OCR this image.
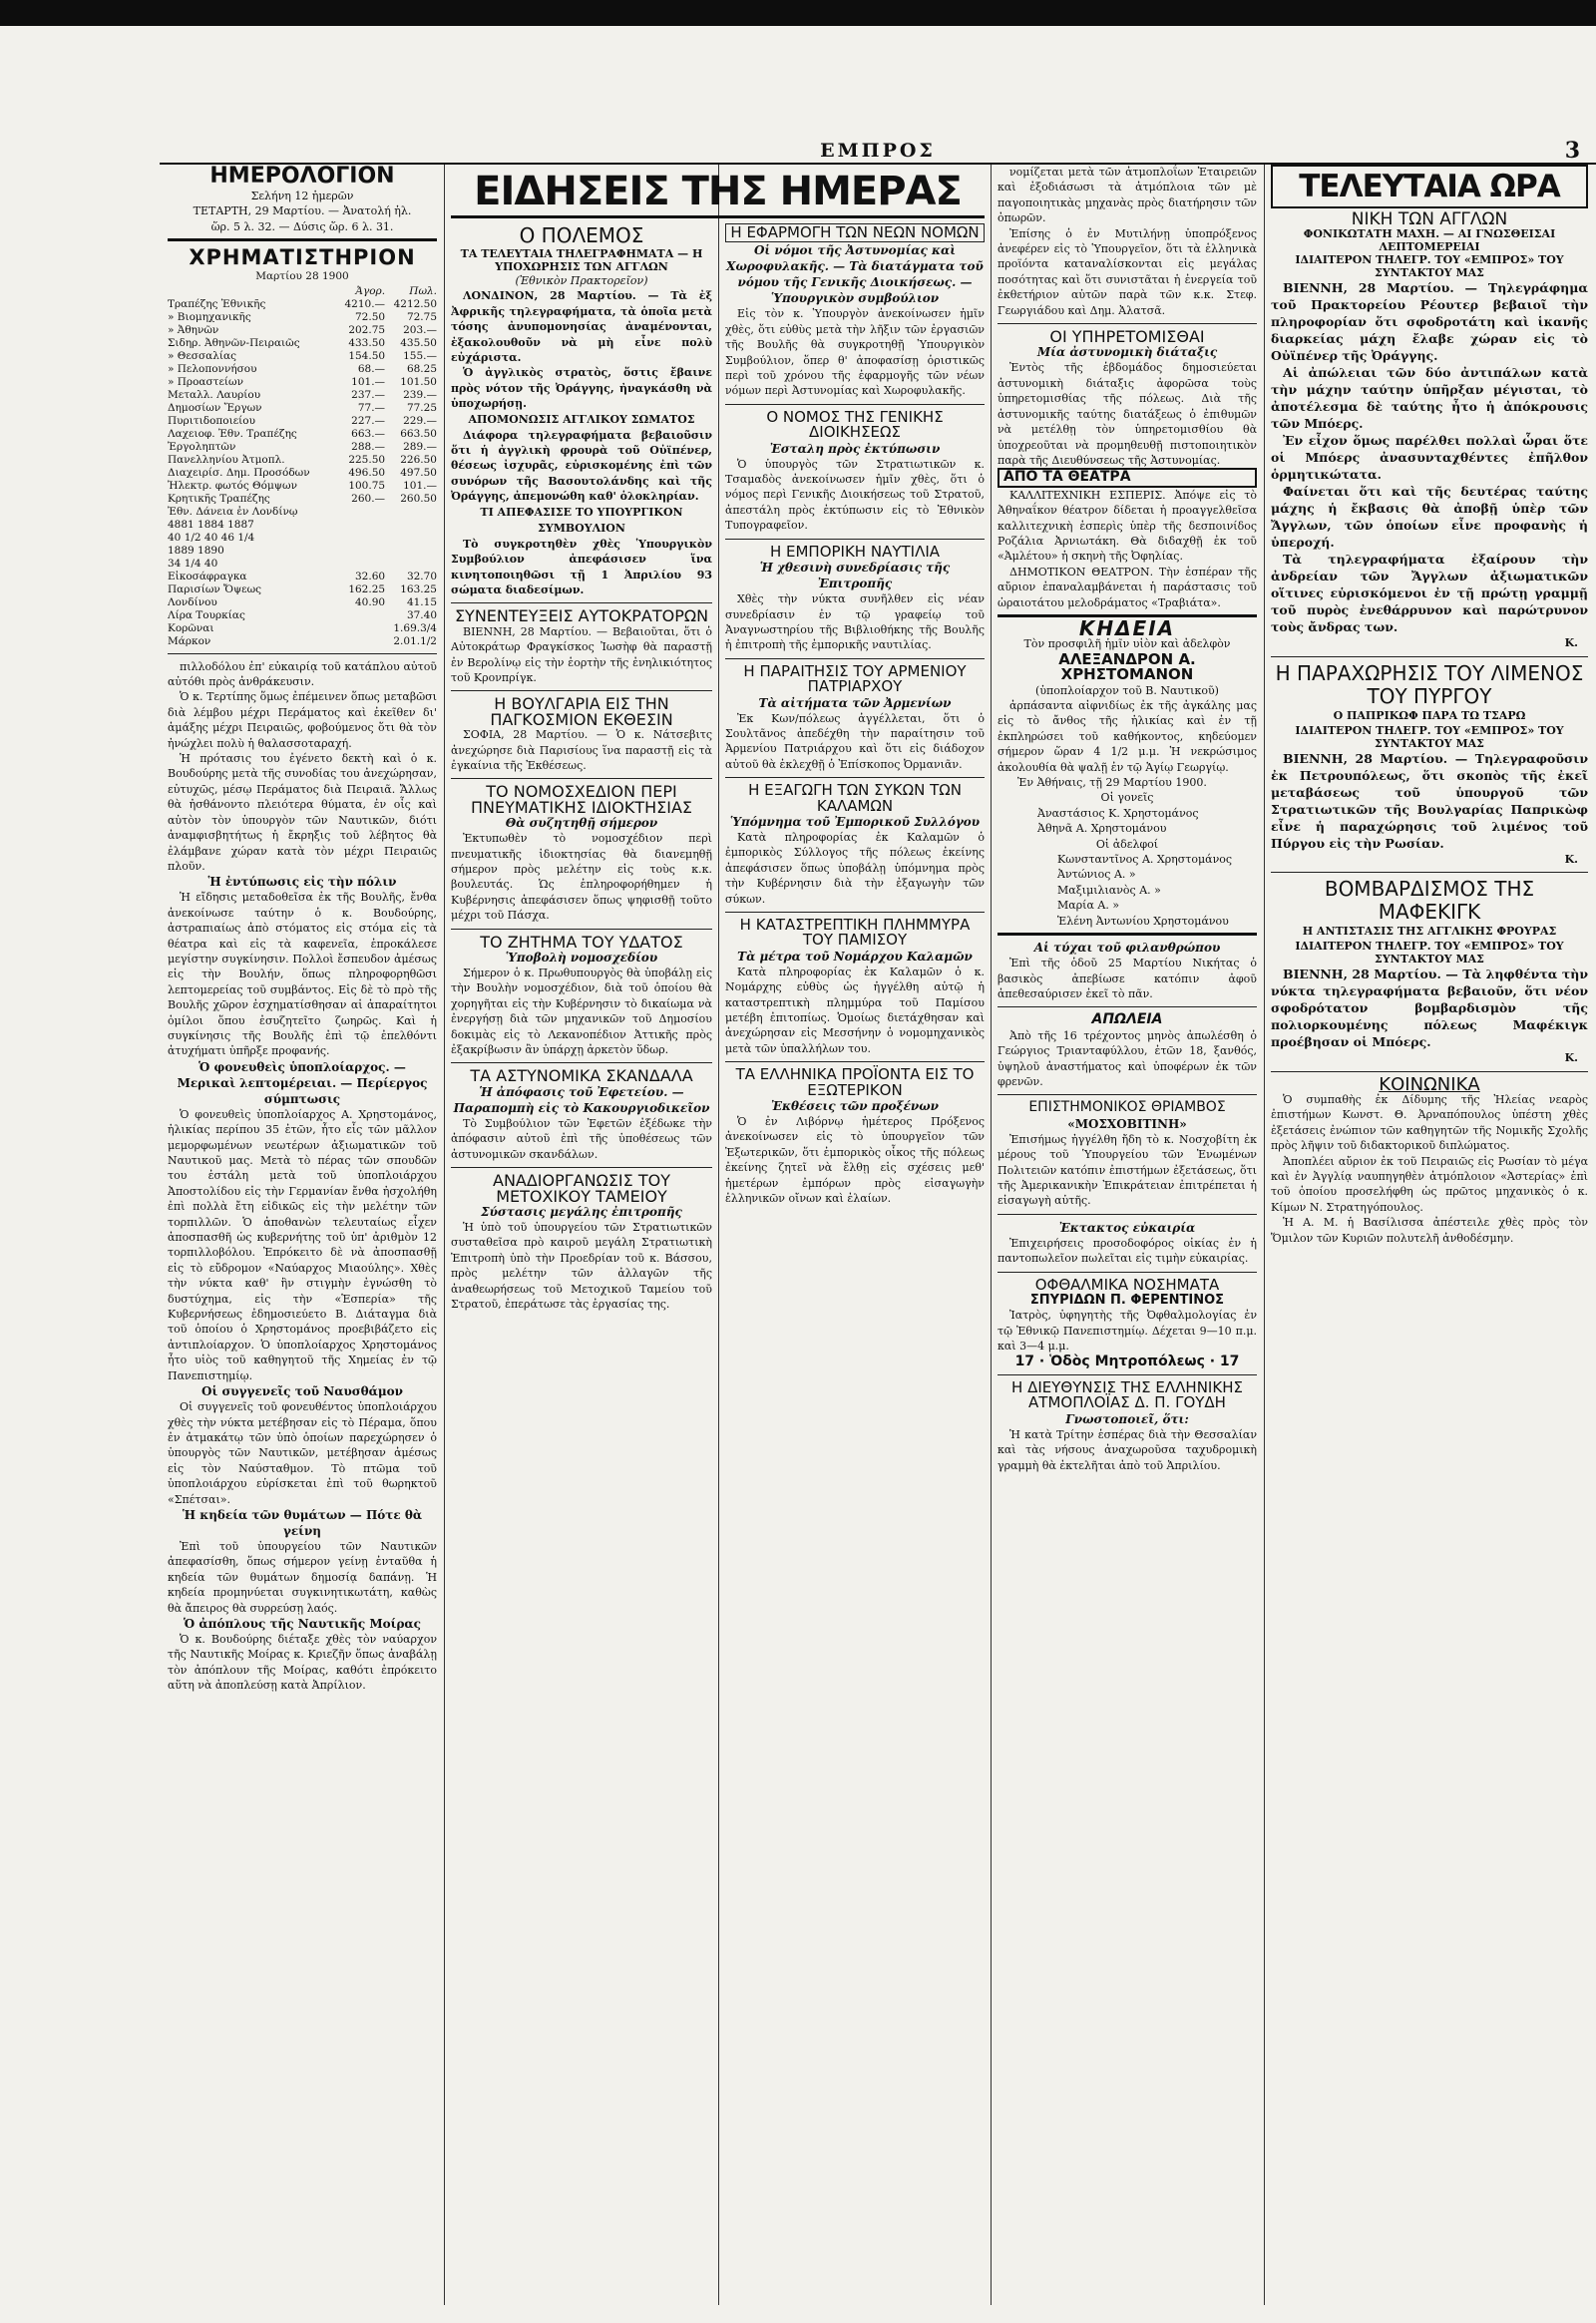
ΕΜΠΡΟΣ	3
ΗΜΕΡΟΛΟΓΙΟΝ
Σελήνη 12 ἡμερῶν
ΤΕΤΑΡΤΗ, 29 Μαρτίου. — Ἀνατολή ἡλ.
ὥρ. 5 λ. 32. — Δύσις ὥρ. 6 λ. 31.
ΧΡΗΜΑΤΙΣΤΗΡΙΟΝ
Μαρτίου 28 1900
	Ἀγορ.	Πωλ.
Τραπέζης Ἐθνικῆς	4210.—	4212.50
» Βιομηχανικῆς	72.50	72.75
» Ἀθηνῶν	202.75	203.—
Σιδηρ. Ἀθηνῶν-Πειραιῶς	433.50	435.50
» Θεσσαλίας	154.50	155.—
» Πελοποννήσου	68.—	68.25
» Προαστείων	101.—	101.50
Μεταλλ. Λαυρίου	237.—	239.—
Δημοσίων Ἔργων	77.—	77.25
Πυριτιδοποιείου	227.—	229.—
Λαχειοφ. Ἐθν. Τραπέζης	663.—	663.50
Ἐργοληπτῶν	288.—	289.—
Πανελληνίου Ἀτμοπλ.	225.50	226.50
Διαχειρίσ. Δημ. Προσόδων	496.50	497.50
Ἠλεκτρ. φωτός Θόμψων	100.75	101.—
Κρητικῆς Τραπέζης	260.—	260.50
Ἐθν. Δάνεια ἐν Λονδίνῳ		
4881 1884 1887		
40 1/2 40 46 1/4		
1889 1890		
34 1/4 40		
Εἰκοσάφραγκα	32.60	32.70
Παρισίων Ὄψεως	162.25	163.25
Λονδίνου	40.90	41.15
Λίρα Τουρκίας		37.40
Κορῶναι		1.69.3/4
Μάρκον		2.01.1/2

πιλλοδόλου ἐπ' εὐκαιρίᾳ τοῦ κατάπλου αὐτοῦ αὐτόθι πρὸς ἀνθράκευσιν.

Ὁ κ. Τερτίπης ὅμως ἐπέμεινεν ὅπως μεταβῶσι διὰ λέμβου μέχρι Περάματος καὶ ἐκεῖθεν δι' ἁμάξης μέχρι Πειραιῶς, φοβούμενος ὅτι θὰ τὸν ἠνώχλει πολὺ ἡ θαλασσοταραχή.

Ἡ πρότασις του ἐγένετο δεκτὴ καὶ ὁ κ. Βουδούρης μετὰ τῆς συνοδίας του ἀνεχώρησαν, εὐτυχῶς, μέσῳ Περάματος διὰ Πειραιᾶ. Ἄλλως θὰ ἠσθάνοντο πλειότερα θύματα, ἐν οἷς καὶ αὐτὸν τὸν ὑπουργὸν τῶν Ναυτικῶν, διότι ἀναμφισβητήτως ἡ ἔκρηξις τοῦ λέβητος θὰ ἐλάμβανε χώραν κατὰ τὸν μέχρι Πειραιῶς πλοῦν.

Ἡ ἐντύπωσις εἰς τὴν πόλιν

Ἡ εἴδησις μεταδοθεῖσα ἐκ τῆς Βουλῆς, ἔνθα ἀνεκοίνωσε ταύτην ὁ κ. Βουδούρης, ἀστραπιαίως ἀπὸ στόματος εἰς στόμα εἰς τὰ θέατρα καὶ εἰς τὰ καφενεῖα, ἐπροκάλεσε μεγίστην συγκίνησιν. Πολλοὶ ἔσπευδον ἀμέσως εἰς τὴν Βουλήν, ὅπως πληροφορηθῶσι λεπτομερείας τοῦ συμβάντος. Εἰς δὲ τὸ πρὸ τῆς Βουλῆς χῶρον ἐσχηματίσθησαν αἱ ἀπαραίτητοι ὁμίλοι ὅπου ἐσυζητεῖτο ζωηρῶς. Καὶ ἡ συγκίνησις τῆς Βουλῆς ἐπὶ τῷ ἐπελθόντι ἀτυχήματι ὑπῆρξε προφανής.

Ὁ φονευθεὶς ὑποπλοίαρχος. — Μερικαὶ λεπτομέρειαι. — Περίεργος σύμπτωσις

Ὁ φονευθεὶς ὑποπλοίαρχος Α. Χρηστομάνος, ἡλικίας περίπου 35 ἐτῶν, ἦτο εἷς τῶν μᾶλλον μεμορφωμένων νεωτέρων ἀξιωματικῶν τοῦ Ναυτικοῦ μας. Μετὰ τὸ πέρας τῶν σπουδῶν του ἐστάλη μετὰ τοῦ ὑποπλοιάρχου Ἀποστολίδου εἰς τὴν Γερμανίαν ἔνθα ἠσχολήθη ἐπὶ πολλὰ ἔτη εἰδικῶς εἰς τὴν μελέτην τῶν τορπιλλῶν. Ὁ ἀποθανὼν τελευταίως εἶχεν ἀποσπασθῆ ὡς κυβερνήτης τοῦ ὑπ' ἀριθμὸν 12 τορπιλλοβόλου. Ἐπρόκειτο δὲ νὰ ἀποσπασθῇ εἰς τὸ εὔδρομον «Ναύαρχος Μιαούλης». Χθὲς τὴν νύκτα καθ' ἣν στιγμὴν ἐγνώσθη τὸ δυστύχημα, εἰς τὴν «Ἑσπερία» τῆς Κυβερνήσεως ἐδημοσιεύετο Β. Διάταγμα διὰ τοῦ ὁποίου ὁ Χρηστομάνος προεβιβάζετο εἰς ἀντιπλοίαρχον. Ὁ ὑποπλοίαρχος Χρηστομάνος ἦτο υἱὸς τοῦ καθηγητοῦ τῆς Χημείας ἐν τῷ Πανεπιστημίῳ.

Οἱ συγγενεῖς τοῦ Ναυσθάμον

Οἱ συγγενεῖς τοῦ φονευθέντος ὑποπλοιάρχου χθὲς τὴν νύκτα μετέβησαν εἰς τὸ Πέραμα, ὅπου ἐν ἀτμακάτῳ τῶν ὑπὸ ὁποίων παρεχώρησεν ὁ ὑπουργὸς τῶν Ναυτικῶν, μετέβησαν ἀμέσως εἰς τὸν Ναύσταθμον. Τὸ πτῶμα τοῦ ὑποπλοιάρχου εὑρίσκεται ἐπὶ τοῦ θωρηκτοῦ «Σπέτσαι».

Ἡ κηδεία τῶν θυμάτων — Πότε θὰ γείνη

Ἐπὶ τοῦ ὑπουργείου τῶν Ναυτικῶν ἀπεφασίσθη, ὅπως σήμερον γείνῃ ἐνταῦθα ἡ κηδεία τῶν θυμάτων δημοσίᾳ δαπάνῃ. Ἡ κηδεία προμηνύεται συγκινητικωτάτη, καθὼς θὰ ἄπειρος θὰ συρρεύσῃ λαός.

Ὁ ἀπόπλους τῆς Ναυτικῆς Μοίρας

Ὁ κ. Βουδούρης διέταξε χθὲς τὸν ναύαρχον τῆς Ναυτικῆς Μοίρας κ. Κριεζῆν ὅπως ἀναβάλῃ τὸν ἀπόπλουν τῆς Μοίρας, καθότι ἐπρόκειτο αὕτη νὰ ἀποπλεύσῃ κατὰ Ἀπρίλιον.

ΕΙΔΗΣΕΙΣ ΤΗΣ ΗΜΕΡΑΣ
Ο ΠΟΛΕΜΟΣ
ΤΑ ΤΕΛΕΥΤΑΙΑ ΤΗΛΕΓΡΑΦΗΜΑΤΑ — Η ΥΠΟΧΩΡΗΣΙΣ ΤΩΝ ΑΓΓΛΩΝ
(Ἐθνικὸν Πρακτορεῖον)

ΛΟΝΔΙΝΟΝ, 28 Μαρτίου. — Τὰ ἐξ Ἀφρικῆς τηλεγραφήματα, τὰ ὁποῖα μετὰ τόσης ἀνυπομονησίας ἀναμένονται, ἐξακολουθοῦν νὰ μὴ εἶνε πολὺ εὐχάριστα.

Ὁ ἀγγλικὸς στρατὸς, ὅστις ἔβαινε πρὸς νότον τῆς Ὀράγγης, ἠναγκάσθη νὰ ὑποχωρήσῃ.

ΑΠΟΜΟΝΩΣΙΣ ΑΓΓΛΙΚΟΥ ΣΩΜΑΤΟΣ

Διάφορα τηλεγραφήματα βεβαιοῦσιν ὅτι ἡ ἀγγλικὴ φρουρὰ τοῦ Οὐϊπένερ, θέσεως ἰσχυρᾶς, εὑρισκομένης ἐπὶ τῶν συνόρων τῆς Βασουτολάνδης καὶ τῆς Ὀράγγης, ἀπεμονώθη καθ' ὁλοκληρίαν.

ΤΙ ΑΠΕΦΑΣΙΣΕ ΤΟ ΥΠΟΥΡΓΙΚΟΝ ΣΥΜΒΟΥΛΙΟΝ

Τὸ συγκροτηθὲν χθὲς Ὑπουργικὸν Συμβούλιον ἀπεφάσισεν ἵνα κινητοποιηθῶσι τῇ 1 Ἀπριλίου 93 σώματα διαδεσίμων.

ΣΥΝΕΝΤΕΥΞΕΙΣ ΑΥΤΟΚΡΑΤΟΡΩΝ

ΒΙΕΝΝΗ, 28 Μαρτίου. — Βεβαιοῦται, ὅτι ὁ Αὐτοκράτωρ Φραγκίσκος Ἰωσὴφ θὰ παραστῇ ἐν Βερολίνῳ εἰς τὴν ἑορτὴν τῆς ἐνηλικιότητος τοῦ Κρονπρίγκ.

Η ΒΟΥΛΓΑΡΙΑ ΕΙΣ ΤΗΝ ΠΑΓΚΟΣΜΙΟΝ ΕΚΘΕΣΙΝ

ΣΟΦΙΑ, 28 Μαρτίου. — Ὁ κ. Νάτσεβιτς ἀνεχώρησε διὰ Παρισίους ἵνα παραστῇ εἰς τὰ ἐγκαίνια τῆς Ἐκθέσεως.

ΤΟ ΝΟΜΟΣΧΕΔΙΟΝ ΠΕΡΙ ΠΝΕΥΜΑΤΙΚΗΣ ΙΔΙΟΚΤΗΣΙΑΣ
Θὰ συζητηθῇ σήμερον

Ἐκτυπωθὲν τὸ νομοσχέδιον περὶ πνευματικῆς ἰδιοκτησίας θὰ διανεμηθῇ σήμερον πρὸς μελέτην εἰς τοὺς κ.κ. βουλευτάς. Ὡς ἐπληροφορήθημεν ἡ Κυβέρνησις ἀπεφάσισεν ὅπως ψηφισθῇ τοῦτο μέχρι τοῦ Πάσχα.

ΤΟ ΖΗΤΗΜΑ ΤΟΥ ΥΔΑΤΟΣ
Ὑποβολὴ νομοσχεδίου

Σήμερον ὁ κ. Πρωθυπουργὸς θὰ ὑποβάλῃ εἰς τὴν Βουλὴν νομοσχέδιον, διὰ τοῦ ὁποίου θὰ χορηγῆται εἰς τὴν Κυβέρνησιν τὸ δικαίωμα νὰ ἐνεργήσῃ διὰ τῶν μηχανικῶν τοῦ Δημοσίου δοκιμὰς εἰς τὸ Λεκανοπέδιον Ἀττικῆς πρὸς ἐξακρίβωσιν ἂν ὑπάρχῃ ἀρκετὸν ὕδωρ.

ΤΑ ΑΣΤΥΝΟΜΙΚΑ ΣΚΑΝΔΑΛΑ
Ἡ ἀπόφασις τοῦ Ἐφετείου. — Παραπομπὴ εἰς τὸ Κακουργιοδικεῖον

Τὸ Συμβούλιον τῶν Ἐφετῶν ἐξέδωκε τὴν ἀπόφασιν αὐτοῦ ἐπὶ τῆς ὑποθέσεως τῶν ἀστυνομικῶν σκανδάλων.

ΑΝΑΔΙΟΡΓΑΝΩΣΙΣ ΤΟΥ ΜΕΤΟΧΙΚΟΥ ΤΑΜΕΙΟΥ
Σύστασις μεγάλης ἐπιτροπῆς

Ἡ ὑπὸ τοῦ ὑπουργείου τῶν Στρατιωτικῶν συσταθεῖσα πρὸ καιροῦ μεγάλη Στρατιωτικὴ Ἐπιτροπὴ ὑπὸ τὴν Προεδρίαν τοῦ κ. Βάσσου, πρὸς μελέτην τῶν ἀλλαγῶν τῆς ἀναθεωρήσεως τοῦ Μετοχικοῦ Ταμείου τοῦ Στρατοῦ, ἐπεράτωσε τὰς ἐργασίας της.

Η ΕΦΑΡΜΟΓΗ ΤΩΝ ΝΕΩΝ ΝΟΜΩΝ
Οἱ νόμοι τῆς Ἀστυνομίας καὶ Χωροφυλακῆς. — Τὰ διατάγματα τοῦ νόμου τῆς Γενικῆς Διοικήσεως. — Ὑπουργικὸν συμβούλιον

Εἰς τὸν κ. Ὑπουργὸν ἀνεκοίνωσεν ἡμῖν χθὲς, ὅτι εὐθὺς μετὰ τὴν λῆξιν τῶν ἐργασιῶν τῆς Βουλῆς θὰ συγκροτηθῇ Ὑπουργικὸν Συμβούλιον, ὅπερ θ' ἀποφασίσῃ ὁριστικῶς περὶ τοῦ χρόνου τῆς ἐφαρμογῆς τῶν νέων νόμων περὶ Ἀστυνομίας καὶ Χωροφυλακῆς.

Ο ΝΟΜΟΣ ΤΗΣ ΓΕΝΙΚΗΣ ΔΙΟΙΚΗΣΕΩΣ
Ἐσταλη πρὸς ἐκτύπωσιν

Ὁ ὑπουργὸς τῶν Στρατιωτικῶν κ. Τσαμαδὸς ἀνεκοίνωσεν ἡμῖν χθὲς, ὅτι ὁ νόμος περὶ Γενικῆς Διοικήσεως τοῦ Στρατοῦ, ἀπεστάλη πρὸς ἐκτύπωσιν εἰς τὸ Ἐθνικὸν Τυπογραφεῖον.

Η ΕΜΠΟΡΙΚΗ ΝΑΥΤΙΛΙΑ
Ἡ χθεσινὴ συνεδρίασις τῆς Ἐπιτροπῆς

Χθὲς τὴν νύκτα συνῆλθεν εἰς νέαν συνεδρίασιν ἐν τῷ γραφείῳ τοῦ Ἀναγνωστηρίου τῆς Βιβλιοθήκης τῆς Βουλῆς ἡ ἐπιτροπὴ τῆς ἐμπορικῆς ναυτιλίας.

Η ΠΑΡΑΙΤΗΣΙΣ ΤΟΥ ΑΡΜΕΝΙΟΥ ΠΑΤΡΙΑΡΧΟΥ
Τὰ αἰτήματα τῶν Ἀρμενίων

Ἐκ Κων/πόλεως ἀγγέλλεται, ὅτι ὁ Σουλτᾶνος ἀπεδέχθη τὴν παραίτησιν τοῦ Ἀρμενίου Πατριάρχου καὶ ὅτι εἰς διάδοχον αὐτοῦ θὰ ἐκλεχθῇ ὁ Ἐπίσκοπος Ὀρμανιᾶν.

Η ΕΞΑΓΩΓΗ ΤΩΝ ΣΥΚΩΝ ΤΩΝ ΚΑΛΑΜΩΝ
Ὑπόμνημα τοῦ Ἐμπορικοῦ Συλλόγου

Κατὰ πληροφορίας ἐκ Καλαμῶν ὁ ἐμπορικὸς Σύλλογος τῆς πόλεως ἐκείνης ἀπεφάσισεν ὅπως ὑποβάλῃ ὑπόμνημα πρὸς τὴν Κυβέρνησιν διὰ τὴν ἐξαγωγὴν τῶν σύκων.

Η ΚΑΤΑΣΤΡΕΠΤΙΚΗ ΠΛΗΜΜΥΡΑ ΤΟΥ ΠΑΜΙΣΟΥ
Τὰ μέτρα τοῦ Νομάρχου Καλαμῶν

Κατὰ πληροφορίας ἐκ Καλαμῶν ὁ κ. Νομάρχης εὐθὺς ὡς ἠγγέλθη αὐτῷ ἡ καταστρεπτικὴ πλημμύρα τοῦ Παμίσου μετέβη ἐπιτοπίως. Ὁμοίως διετάχθησαν καὶ ἀνεχώρησαν εἰς Μεσσήνην ὁ νομομηχανικὸς μετὰ τῶν ὑπαλλήλων του.

ΤΑ ΕΛΛΗΝΙΚΑ ΠΡΟΪΟΝΤΑ ΕΙΣ ΤΟ ΕΞΩΤΕΡΙΚΟΝ
Ἐκθέσεις τῶν προξένων

Ὁ ἐν Λιβόρνῳ ἡμέτερος Πρόξενος ἀνεκοίνωσεν εἰς τὸ ὑπουργεῖον τῶν Ἐξωτερικῶν, ὅτι ἐμπορικὸς οἶκος τῆς πόλεως ἐκείνης ζητεῖ νὰ ἔλθῃ εἰς σχέσεις μεθ' ἡμετέρων ἐμπόρων πρὸς εἰσαγωγὴν ἑλληνικῶν οἴνων καὶ ἐλαίων.

νομίζεται μετὰ τῶν ἀτμοπλοΐων Ἑταιρειῶν καὶ ἐξοδιάσωσι τὰ ἀτμόπλοια τῶν μὲ παγοποιητικὰς μηχανὰς πρὸς διατήρησιν τῶν ὀπωρῶν.

Ἐπίσης ὁ ἐν Μυτιλήνῃ ὑποπρόξενος ἀνεφέρεν εἰς τὸ Ὑπουργεῖον, ὅτι τὰ ἑλληνικὰ προϊόντα καταναλίσκονται εἰς μεγάλας ποσότητας καὶ ὅτι συνιστᾶται ἡ ἐνεργεία τοῦ ἐκθετήριον αὐτῶν παρὰ τῶν κ.κ. Στεφ. Γεωργιάδου καὶ Δημ. Ἀλατσᾶ.

ΟΙ ΥΠΗΡΕΤΟΜΙΣΘΑΙ
Μία ἀστυνομικὴ διάταξις

Ἐντὸς τῆς ἑβδομάδος δημοσιεύεται ἀστυνομικὴ διάταξις ἀφορῶσα τοὺς ὑπηρετομισθίας τῆς πόλεως. Διὰ τῆς ἀστυνομικῆς ταύτης διατάξεως ὁ ἐπιθυμῶν νὰ μετέλθῃ τὸν ὑπηρετομισθίου θὰ ὑποχρεοῦται νὰ προμηθευθῇ πιστοποιητικὸν παρὰ τῆς Διευθύνσεως τῆς Ἀστυνομίας.

ΑΠΟ ΤΑ ΘΕΑΤΡΑ

ΚΑΛΛΙΤΕΧΝΙΚΗ ΕΣΠΕΡΙΣ. Ἀπόψε εἰς τὸ Ἀθηναΐκον θέατρον δίδεται ἡ προαγγελθεῖσα καλλιτεχνικὴ ἑσπερὶς ὑπὲρ τῆς δεσποινίδος Ροζάλια Ἀρνιωτάκη. Θὰ διδαχθῇ ἐκ τοῦ «Ἀμλέτου» ἡ σκηνὴ τῆς Ὀφηλίας.

ΔΗΜΟΤΙΚΟΝ ΘΕΑΤΡΟΝ. Τὴν ἑσπέραν τῆς αὔριον ἐπαναλαμβάνεται ἡ παράστασις τοῦ ὡραιοτάτου μελοδράματος «Τραβιάτα».

ΚΗΔΕΙΑ
Τὸν προσφιλῆ ἡμῖν υἱὸν καὶ ἀδελφὸν
ΑΛΕΞΑΝΔΡΟΝ Α. ΧΡΗΣΤΟΜΑΝΟΝ
(ὑποπλοίαρχον τοῦ Β. Ναυτικοῦ)

ἀρπάσαντα αἰφνιδίως ἐκ τῆς ἀγκάλης μας εἰς τὸ ἄνθος τῆς ἡλικίας καὶ ἐν τῇ ἐκπληρώσει τοῦ καθήκοντος, κηδεύομεν σήμερον ὥραν 4 1/2 μ.μ. Ἡ νεκρώσιμος ἀκολουθία θὰ ψαλῇ ἐν τῷ Ἁγίῳ Γεωργίῳ.

Ἐν Ἀθήναις, τῇ 29 Μαρτίου 1900.
Οἱ γονεῖς
Ἀναστάσιος Κ. Χρηστομάνος
Ἀθηνᾶ Α. Χρηστομάνου
Οἱ ἀδελφοί
Κωνσταντῖνος Α. Χρηστομάνος
Ἀντώνιος Α. »
Μαξιμιλιανὸς Α. »
Μαρία Α. »
Ἑλένη Ἀντωνίου Χρηστομάνου
Αἱ τύχαι τοῦ φιλανθρώπου

Ἐπὶ τῆς ὁδοῦ 25 Μαρτίου Νικήτας ὁ βασικὸς ἀπεβίωσε κατόπιν ἀφοῦ ἀπεθεσαύρισεν ἐκεῖ τὸ πᾶν.

ΑΠΩΛΕΙΑ

Ἀπὸ τῆς 16 τρέχοντος μηνὸς ἀπωλέσθη ὁ Γεώργιος Τριανταφύλλου, ἐτῶν 18, ξανθός, ὑψηλοῦ ἀναστήματος καὶ ὑποφέρων ἐκ τῶν φρενῶν.

ΕΠΙΣΤΗΜΟΝΙΚΟΣ ΘΡΙΑΜΒΟΣ
«ΜΟΣΧΟΒΙΤΙΝΗ»

Ἐπισήμως ἠγγέλθη ἤδη τὸ κ. Νοσχοβίτη ἐκ μέρους τοῦ Ὑπουργείου τῶν Ἑνωμένων Πολιτειῶν κατόπιν ἐπιστήμων ἐξετάσεως, ὅτι τῆς Ἀμερικανικὴν Ἐπικράτειαν ἐπιτρέπεται ἡ εἰσαγωγὴ αὐτῆς.

Ἐκτακτος εὐκαιρία

Ἐπιχειρήσεις προσοδοφόρος οἰκίας ἐν ἡ παντοπωλεῖον πωλεῖται εἰς τιμὴν εὐκαιρίας.

ΟΦΘΑΛΜΙΚΑ ΝΟΣΗΜΑΤΑ
ΣΠΥΡΙΔΩΝ Π. ΦΕΡΕΝΤΙΝΟΣ

Ἰατρὸς, ὑφηγητὴς τῆς Ὀφθαλμολογίας ἐν τῷ Ἐθνικῷ Πανεπιστημίῳ. Δέχεται 9—10 π.μ. καὶ 3—4 μ.μ.

17 · Ὁδὸς Μητροπόλεως · 17
Η ΔΙΕΥΘΥΝΣΙΣ ΤΗΣ ΕΛΛΗΝΙΚΗΣ ΑΤΜΟΠΛΟΪΑΣ Δ. Π. ΓΟΥΔΗ
Γνωστοποιεῖ, ὅτι:

Ἡ κατὰ Τρίτην ἑσπέρας διὰ τὴν Θεσσαλίαν καὶ τὰς νήσους ἀναχωροῦσα ταχυδρομικὴ γραμμὴ θὰ ἐκτελῆται ἀπὸ τοῦ Ἀπριλίου.

ΤΕΛΕΥΤΑΙΑ ΩΡΑ
ΝΙΚΗ ΤΩΝ ΑΓΓΛΩΝ
ΦΟΝΙΚΩΤΑΤΗ ΜΑΧΗ. — ΑΙ ΓΝΩΣΘΕΙΣΑΙ ΛΕΠΤΟΜΕΡΕΙΑΙ
ΙΔΙΑΙΤΕΡΟΝ ΤΗΛΕΓΡ. ΤΟΥ «ΕΜΠΡΟΣ» ΤΟΥ ΣΥΝΤΑΚΤΟΥ ΜΑΣ

ΒΙΕΝΝΗ, 28 Μαρτίου. — Τηλεγράφημα τοῦ Πρακτορείου Ρέουτερ βεβαιοῖ τὴν πληροφορίαν ὅτι σφοδροτάτη καὶ ἱκανῆς διαρκείας μάχη ἔλαβε χώραν εἰς τὸ Οὐϊπένερ τῆς Ὀράγγης.

Αἱ ἀπώλειαι τῶν δύο ἀντιπάλων κατὰ τὴν μάχην ταύτην ὑπῆρξαν μέγισται, τὸ ἀποτέλεσμα δὲ ταύτης ἦτο ἡ ἀπόκρουσις τῶν Μπόερς.

Ἐν εἶχον ὅμως παρέλθει πολλαὶ ὧραι ὅτε οἱ Μπόερς ἀνασυνταχθέντες ἐπῆλθον ὁρμητικώτατα.

Φαίνεται ὅτι καὶ τῆς δευτέρας ταύτης μάχης ἡ ἔκβασις θὰ ἀποβῇ ὑπὲρ τῶν Ἄγγλων, τῶν ὁποίων εἶνε προφανὴς ἡ ὑπεροχή.

Τὰ τηλεγραφήματα ἐξαίρουν τὴν ἀνδρείαν τῶν Ἄγγλων ἀξιωματικῶν οἵτινες εὑρισκόμενοι ἐν τῇ πρώτῃ γραμμῇ τοῦ πυρὸς ἐνεθάρρυνον καὶ παρώτρυνον τοὺς ἄνδρας των.

Κ.
Η ΠΑΡΑΧΩΡΗΣΙΣ ΤΟΥ ΛΙΜΕΝΟΣ ΤΟΥ ΠΥΡΓΟΥ
Ο ΠΑΠΡΙΚΩΦ ΠΑΡΑ ΤΩ ΤΣΑΡΩ
ΙΔΙΑΙΤΕΡΟΝ ΤΗΛΕΓΡ. ΤΟΥ «ΕΜΠΡΟΣ» ΤΟΥ ΣΥΝΤΑΚΤΟΥ ΜΑΣ

ΒΙΕΝΝΗ, 28 Μαρτίου. — Τηλεγραφοῦσιν ἐκ Πετρουπόλεως, ὅτι σκοπὸς τῆς ἐκεῖ μεταβάσεως τοῦ ὑπουργοῦ τῶν Στρατιωτικῶν τῆς Βουλγαρίας Παπρικὼφ εἶνε ἡ παραχώρησις τοῦ λιμένος τοῦ Πύργου εἰς τὴν Ρωσίαν.

Κ.
ΒΟΜΒΑΡΔΙΣΜΟΣ ΤΗΣ ΜΑΦΕΚΙΓΚ
Η ΑΝΤΙΣΤΑΣΙΣ ΤΗΣ ΑΓΓΛΙΚΗΣ ΦΡΟΥΡΑΣ
ΙΔΙΑΙΤΕΡΟΝ ΤΗΛΕΓΡ. ΤΟΥ «ΕΜΠΡΟΣ» ΤΟΥ ΣΥΝΤΑΚΤΟΥ ΜΑΣ

ΒΙΕΝΝΗ, 28 Μαρτίου. — Τὰ ληφθέντα τὴν νύκτα τηλεγραφήματα βεβαιοῦν, ὅτι νέον σφοδρότατον βομβαρδισμὸν τῆς πολιορκουμένης πόλεως Μαφέκιγκ προέβησαν οἱ Μπόερς.

Κ.
ΚΟΙΝΩΝΙΚΑ

Ὁ συμπαθὴς ἐκ Δίδυμης τῆς Ἠλείας νεαρὸς ἐπιστήμων Κωνστ. Θ. Ἀρναπόπουλος ὑπέστη χθὲς ἐξετάσεις ἐνώπιον τῶν καθηγητῶν τῆς Νομικῆς Σχολῆς πρὸς λῆψιν τοῦ διδακτορικοῦ διπλώματος.

Ἀποπλέει αὔριον ἐκ τοῦ Πειραιῶς εἰς Ρωσίαν τὸ μέγα καὶ ἐν Ἀγγλίᾳ ναυπηγηθὲν ἀτμόπλοιον «Ἀστερίας» ἐπὶ τοῦ ὁποίου προσελήφθη ὡς πρῶτος μηχανικὸς ὁ κ. Κίμων Ν. Στρατηγόπουλος.

Ἡ Α. Μ. ἡ Βασίλισσα ἀπέστειλε χθὲς πρὸς τὸν Ὅμιλον τῶν Κυριῶν πολυτελῆ ἀνθοδέσμην.
